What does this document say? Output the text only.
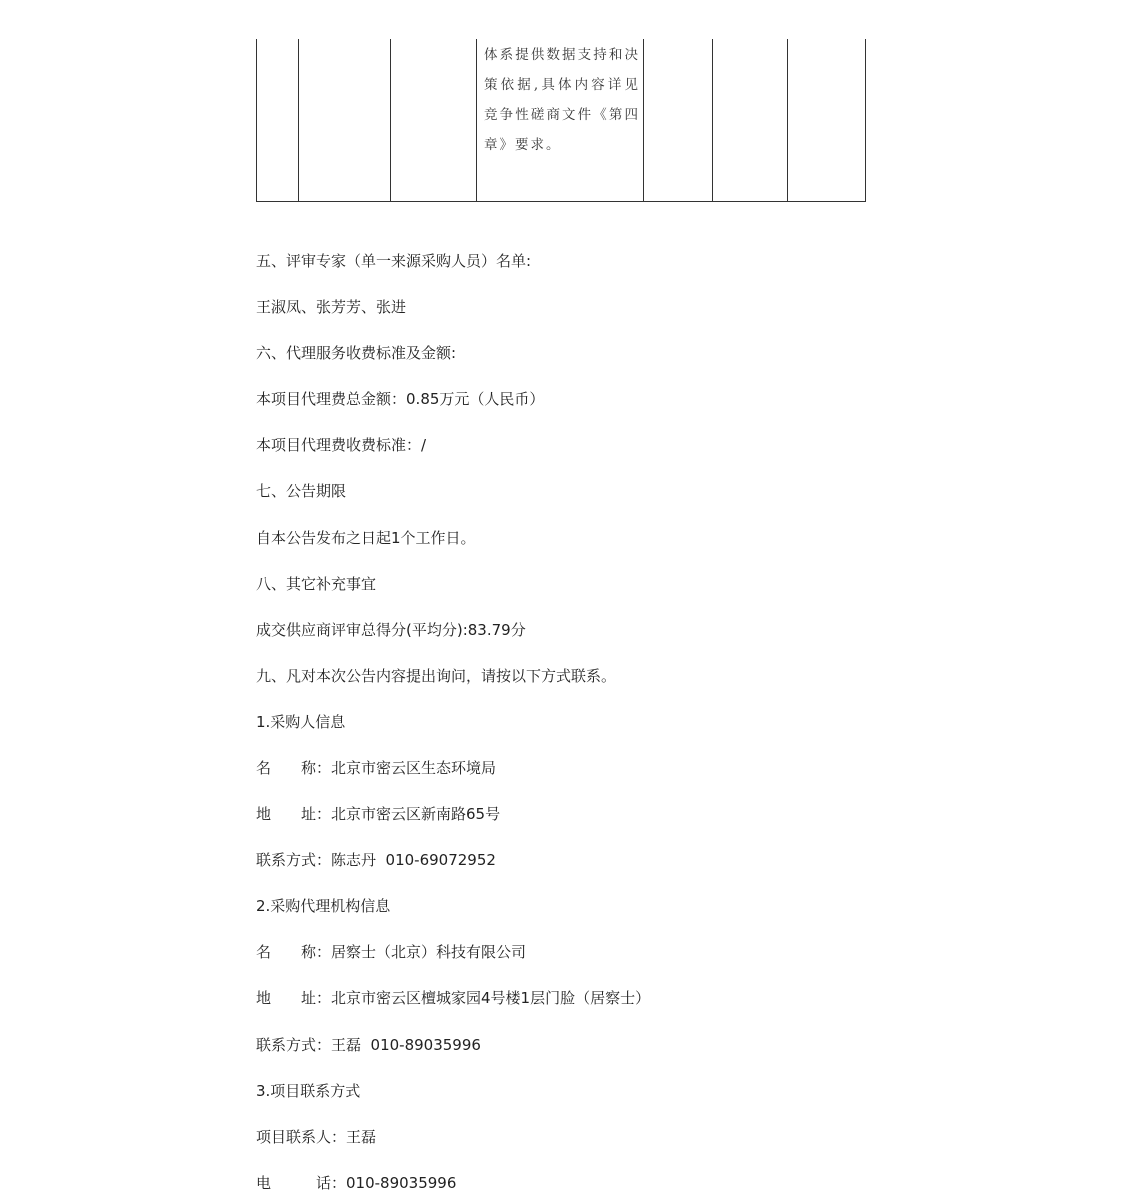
体系提供数据支持和决策依据,具体内容详见竞争性磋商文件《第四章》要求。
五、评审专家（单一来源采购人员）名单:
王淑凤、张芳芳、张进
六、代理服务收费标准及金额:
本项目代理费总金额：0.85万元（人民币）
本项目代理费收费标准：/
七、公告期限
自本公告发布之日起1个工作日。
八、其它补充事宜
成交供应商评审总得分(平均分):83.79分
九、凡对本次公告内容提出询问，请按以下方式联系。
1.采购人信息
名　　称：北京市密云区生态环境局
地　　址：北京市密云区新南路65号
联系方式：陈志丹  010-69072952
2.采购代理机构信息
名　　称：居察士（北京）科技有限公司
地　　址：北京市密云区檀城家园4号楼1层门脸（居察士）
联系方式：王磊  010-89035996
3.项目联系方式
项目联系人：王磊
电　　　话：010-89035996
